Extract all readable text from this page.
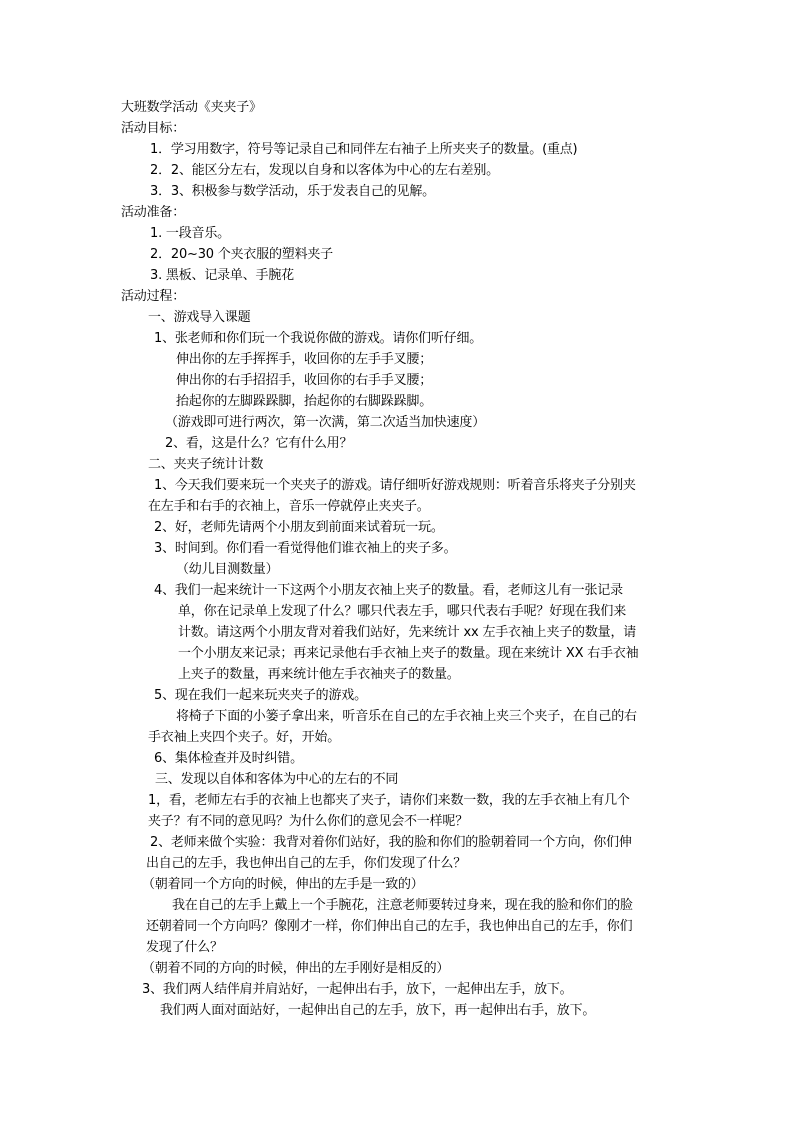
大班数学活动《夹夹子》
活动目标：
1．学习用数字，符号等记录自己和同伴左右袖子上所夹夹子的数量。(重点)
2．2、能区分左右，发现以自身和以客体为中心的左右差别。
3．3、积极参与数学活动，乐于发表自己的见解。
活动准备：
1. 一段音乐。
2．20~30 个夹衣服的塑料夹子
3. 黑板、记录单、手腕花
活动过程：
一、游戏导入课题
1、张老师和你们玩一个我说你做的游戏。请你们听仔细。
伸出你的左手挥挥手，收回你的左手手叉腰；
伸出你的右手招招手，收回你的右手手叉腰；
抬起你的左脚跺跺脚，抬起你的右脚跺跺脚。
（游戏即可进行两次，第一次满，第二次适当加快速度）
2、看，这是什么？它有什么用？
二、夹夹子统计计数
1、今天我们要来玩一个夹夹子的游戏。请仔细听好游戏规则：听着音乐将夹子分别夹
在左手和右手的衣袖上，音乐一停就停止夹夹子。
2、好，老师先请两个小朋友到前面来试着玩一玩。
3、时间到。你们看一看觉得他们谁衣袖上的夹子多。
（幼儿目测数量）
4、我们一起来统计一下这两个小朋友衣袖上夹子的数量。看，老师这儿有一张记录
单，你在记录单上发现了什么？哪只代表左手，哪只代表右手呢？好现在我们来
计数。请这两个小朋友背对着我们站好，先来统计 xx 左手衣袖上夹子的数量，请
一个小朋友来记录；再来记录他右手衣袖上夹子的数量。现在来统计 XX 右手衣袖
上夹子的数量，再来统计他左手衣袖夹子的数量。
5、现在我们一起来玩夹夹子的游戏。
将椅子下面的小篓子拿出来，听音乐在自己的左手衣袖上夹三个夹子，在自己的右
手衣袖上夹四个夹子。好，开始。
6、集体检查并及时纠错。
三、发现以自体和客体为中心的左右的不同
1，看，老师左右手的衣袖上也都夹了夹子，请你们来数一数，我的左手衣袖上有几个
夹子？有不同的意见吗？为什么你们的意见会不一样呢？
2、老师来做个实验：我背对着你们站好，我的脸和你们的脸朝着同一个方向，你们伸
出自己的左手，我也伸出自己的左手，你们发现了什么？
（朝着同一个方向的时候，伸出的左手是一致的）
我在自己的左手上戴上一个手腕花，注意老师要转过身来，现在我的脸和你们的脸
还朝着同一个方向吗？像刚才一样，你们伸出自己的左手，我也伸出自己的左手，你们
发现了什么？
（朝着不同的方向的时候，伸出的左手刚好是相反的）
3、我们两人结伴肩并肩站好，一起伸出右手，放下，一起伸出左手，放下。
我们两人面对面站好，一起伸出自己的左手，放下，再一起伸出右手，放下。
